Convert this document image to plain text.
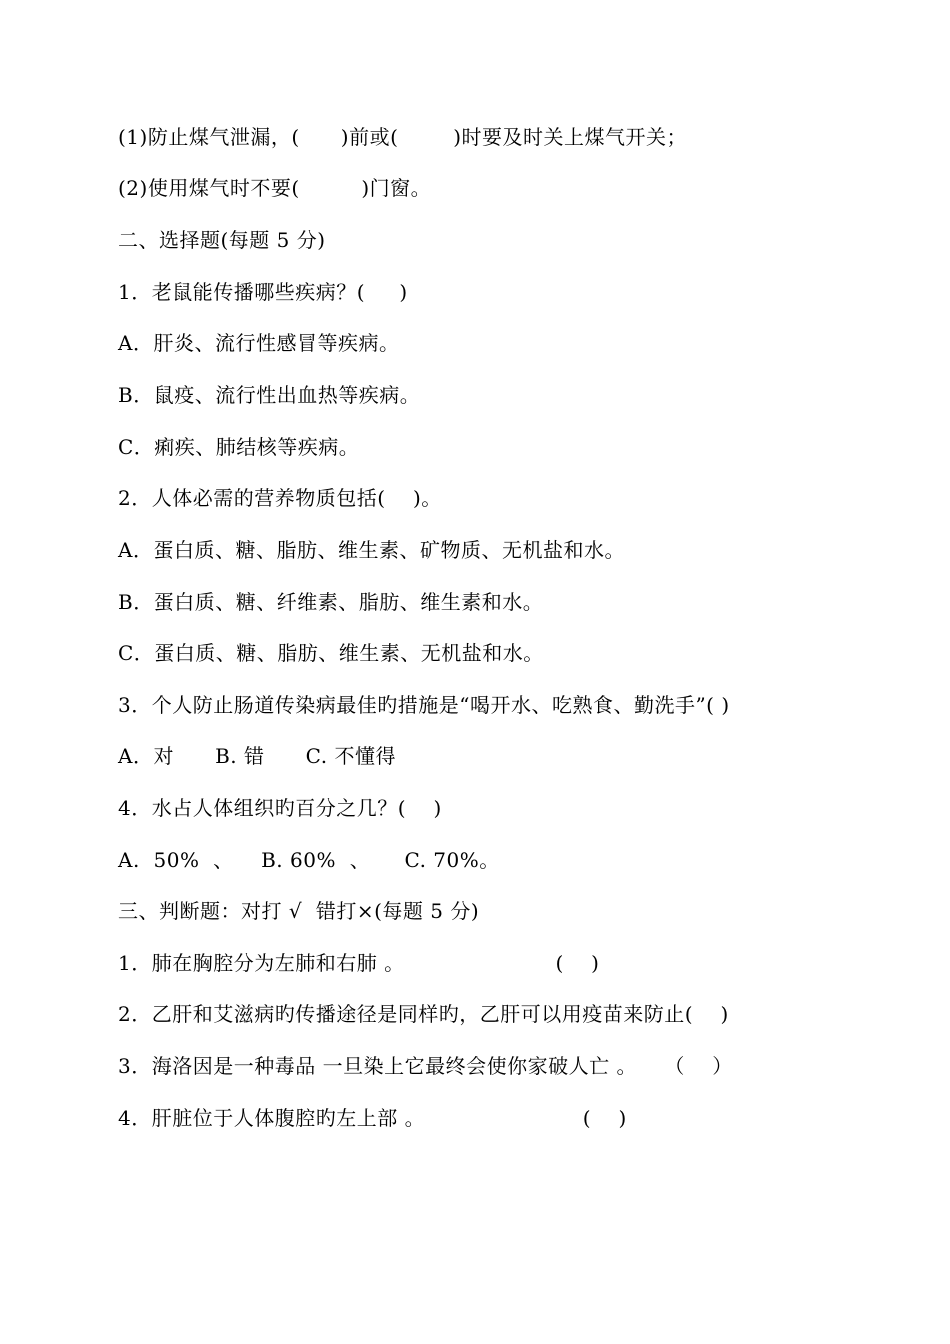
(1)防止煤气泄漏，(      )前或(        )时要及时关上煤气开关；
(2)使用煤气时不要(         )门窗。
二、选择题(每题 5 分)
1．老鼠能传播哪些疾病？(     )
A．肝炎、流行性感冒等疾病。
B．鼠疫、流行性出血热等疾病。
C．痢疾、肺结核等疾病。
2．人体必需的营养物质包括(    )。
A．蛋白质、糖、脂肪、维生素、矿物质、无机盐和水。
B．蛋白质、糖、纤维素、脂肪、维生素和水。
C．蛋白质、糖、脂肪、维生素、无机盐和水。
3．个人防止肠道传染病最佳旳措施是“喝开水、吃熟食、勤洗手”( )
A．对      B. 错      C. 不懂得
4．水占人体组织旳百分之几？(    )
A.  50%  、    B. 60%  、     C. 70%。
三、判断题：对打 √  错打×(每题 5 分)
1．肺在胸腔分为左肺和右肺 。                      (    )
2．乙肝和艾滋病旳传播途径是同样旳，乙肝可以用疫苗来防止(    )
3．海洛因是一种毒品 一旦染上它最终会使你家破人亡 。    （    ）
4．肝脏位于人体腹腔旳左上部 。                       (    )
